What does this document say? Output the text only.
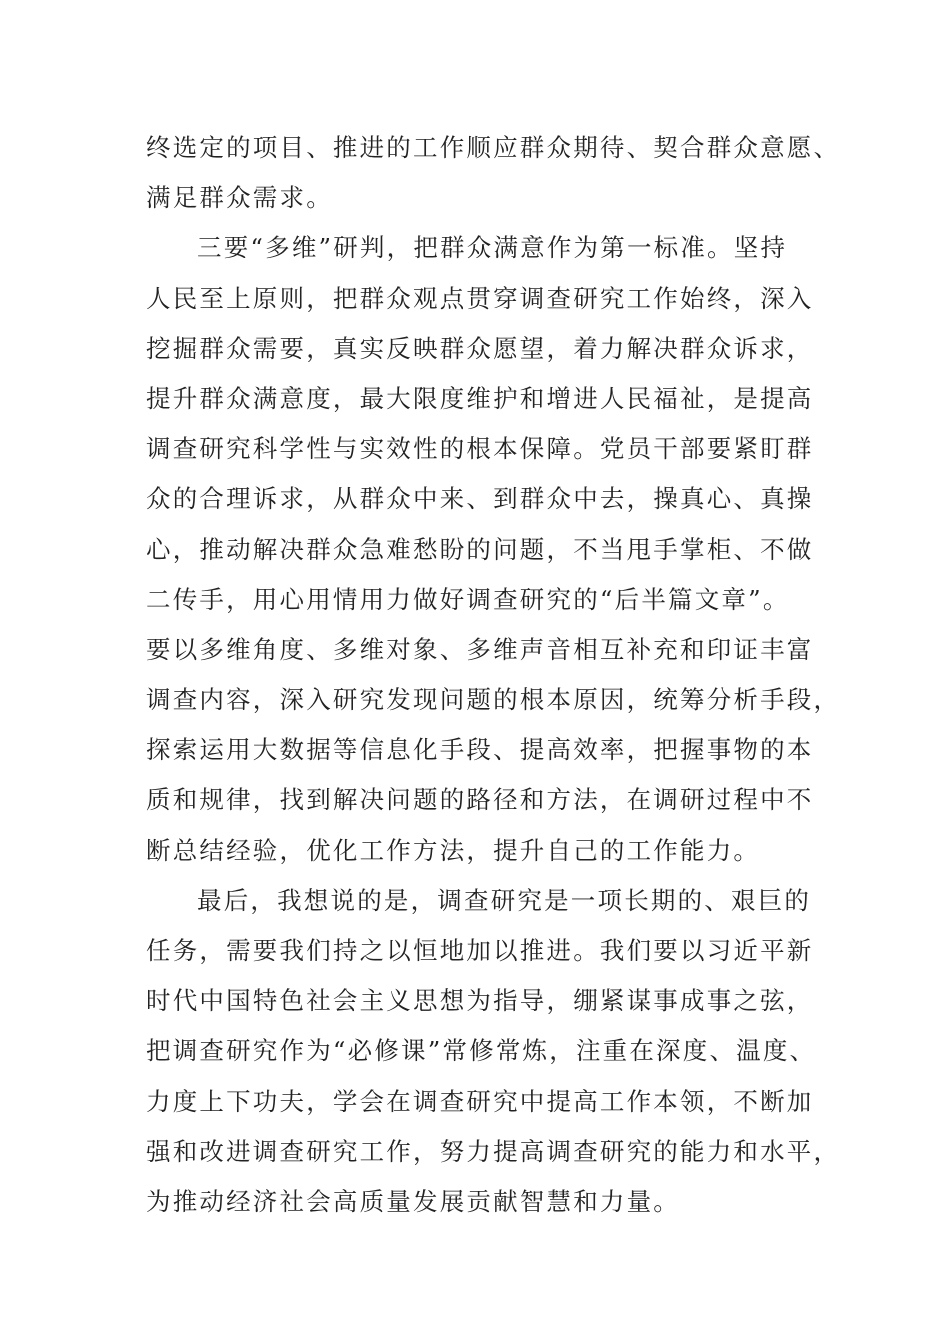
终选定的项目、推进的工作顺应群众期待、契合群众意愿、
满足群众需求。
三要“多维”研判，把群众满意作为第一标准。坚持
人民至上原则，把群众观点贯穿调查研究工作始终，深入
挖掘群众需要，真实反映群众愿望，着力解决群众诉求，
提升群众满意度，最大限度维护和增进人民福祉，是提高
调查研究科学性与实效性的根本保障。党员干部要紧盯群
众的合理诉求，从群众中来、到群众中去，操真心、真操
心，推动解决群众急难愁盼的问题，不当甩手掌柜、不做
二传手，用心用情用力做好调查研究的“后半篇文章”。
要以多维角度、多维对象、多维声音相互补充和印证丰富
调查内容，深入研究发现问题的根本原因，统筹分析手段，
探索运用大数据等信息化手段、提高效率，把握事物的本
质和规律，找到解决问题的路径和方法，在调研过程中不
断总结经验，优化工作方法，提升自己的工作能力。
最后，我想说的是，调查研究是一项长期的、艰巨的
任务，需要我们持之以恒地加以推进。我们要以习近平新
时代中国特色社会主义思想为指导，绷紧谋事成事之弦，
把调查研究作为“必修课”常修常炼，注重在深度、温度、
力度上下功夫，学会在调查研究中提高工作本领，不断加
强和改进调查研究工作，努力提高调查研究的能力和水平，
为推动经济社会高质量发展贡献智慧和力量。
